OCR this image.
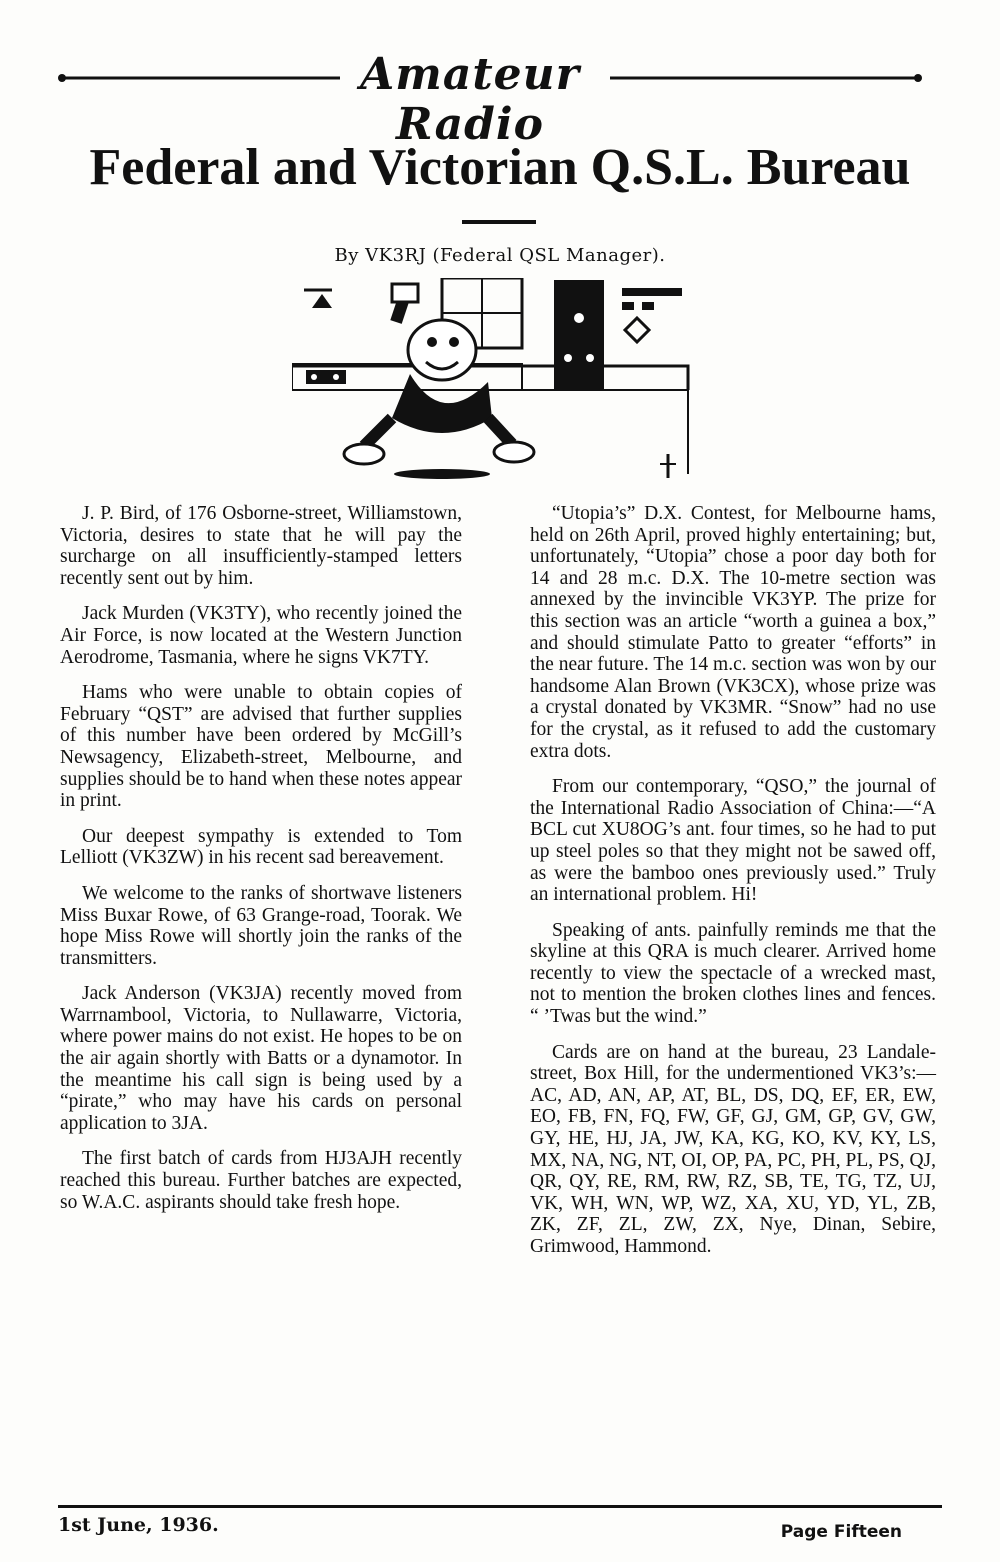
Amateur Radio
Federal and Victorian Q.S.L. Bureau
By VK3RJ (Federal QSL Manager).

J. P. Bird, of 176 Osborne-street, Williamstown, Victoria, desires to state that he will pay the surcharge on all insufficiently-stamped letters recently sent out by him.

Jack Murden (VK3TY), who recently joined the Air Force, is now located at the Western Junction Aerodrome, Tasmania, where he signs VK7TY.

Hams who were unable to obtain copies of February “QST” are advised that further supplies of this number have been ordered by McGill’s Newsagency, Elizabeth-street, Melbourne, and supplies should be to hand when these notes appear in print.

Our deepest sympathy is extended to Tom Lelliott (VK3ZW) in his recent sad bereavement.

We welcome to the ranks of shortwave listeners Miss Buxar Rowe, of 63 Grange-road, Toorak. We hope Miss Rowe will shortly join the ranks of the transmitters.

Jack Anderson (VK3JA) recently moved from Warrnambool, Victoria, to Nullawarre, Victoria, where power mains do not exist. He hopes to be on the air again shortly with Batts or a dynamotor. In the meantime his call sign is being used by a “pirate,” who may have his cards on personal application to 3JA.

The first batch of cards from HJ3AJH recently reached this bureau. Further batches are expected, so W.A.C. aspirants should take fresh hope.

“Utopia’s” D.X. Contest, for Melbourne hams, held on 26th April, proved highly entertaining; but, unfortunately, “Utopia” chose a poor day both for 14 and 28 m.c. D.X. The 10-metre section was annexed by the invincible VK3YP. The prize for this section was an article “worth a guinea a box,” and should stimulate Patto to greater “efforts” in the near future. The 14 m.c. section was won by our handsome Alan Brown (VK3CX), whose prize was a crystal donated by VK3MR. “Snow” had no use for the crystal, as it refused to add the customary extra dots.

From our contemporary, “QSO,” the journal of the International Radio Association of China:—“A BCL cut XU8OG’s ant. four times, so he had to put up steel poles so that they might not be sawed off, as were the bamboo ones previously used.” Truly an international problem. Hi!

Speaking of ants. painfully reminds me that the skyline at this QRA is much clearer. Arrived home recently to view the spectacle of a wrecked mast, not to mention the broken clothes lines and fences. “ ’Twas but the wind.”

Cards are on hand at the bureau, 23 Landale-street, Box Hill, for the undermentioned VK3’s:—AC, AD, AN, AP, AT, BL, DS, DQ, EF, ER, EW, EO, FB, FN, FQ, FW, GF, GJ, GM, GP, GV, GW, GY, HE, HJ, JA, JW, KA, KG, KO, KV, KY, LS, MX, NA, NG, NT, OI, OP, PA, PC, PH, PL, PS, QJ, QR, QY, RE, RM, RW, RZ, SB, TE, TG, TZ, UJ, VK, WH, WN, WP, WZ, XA, XU, YD, YL, ZB, ZK, ZF, ZL, ZW, ZX, Nye, Dinan, Sebire, Grimwood, Hammond.

1st June, 1936.	Page Fifteen
